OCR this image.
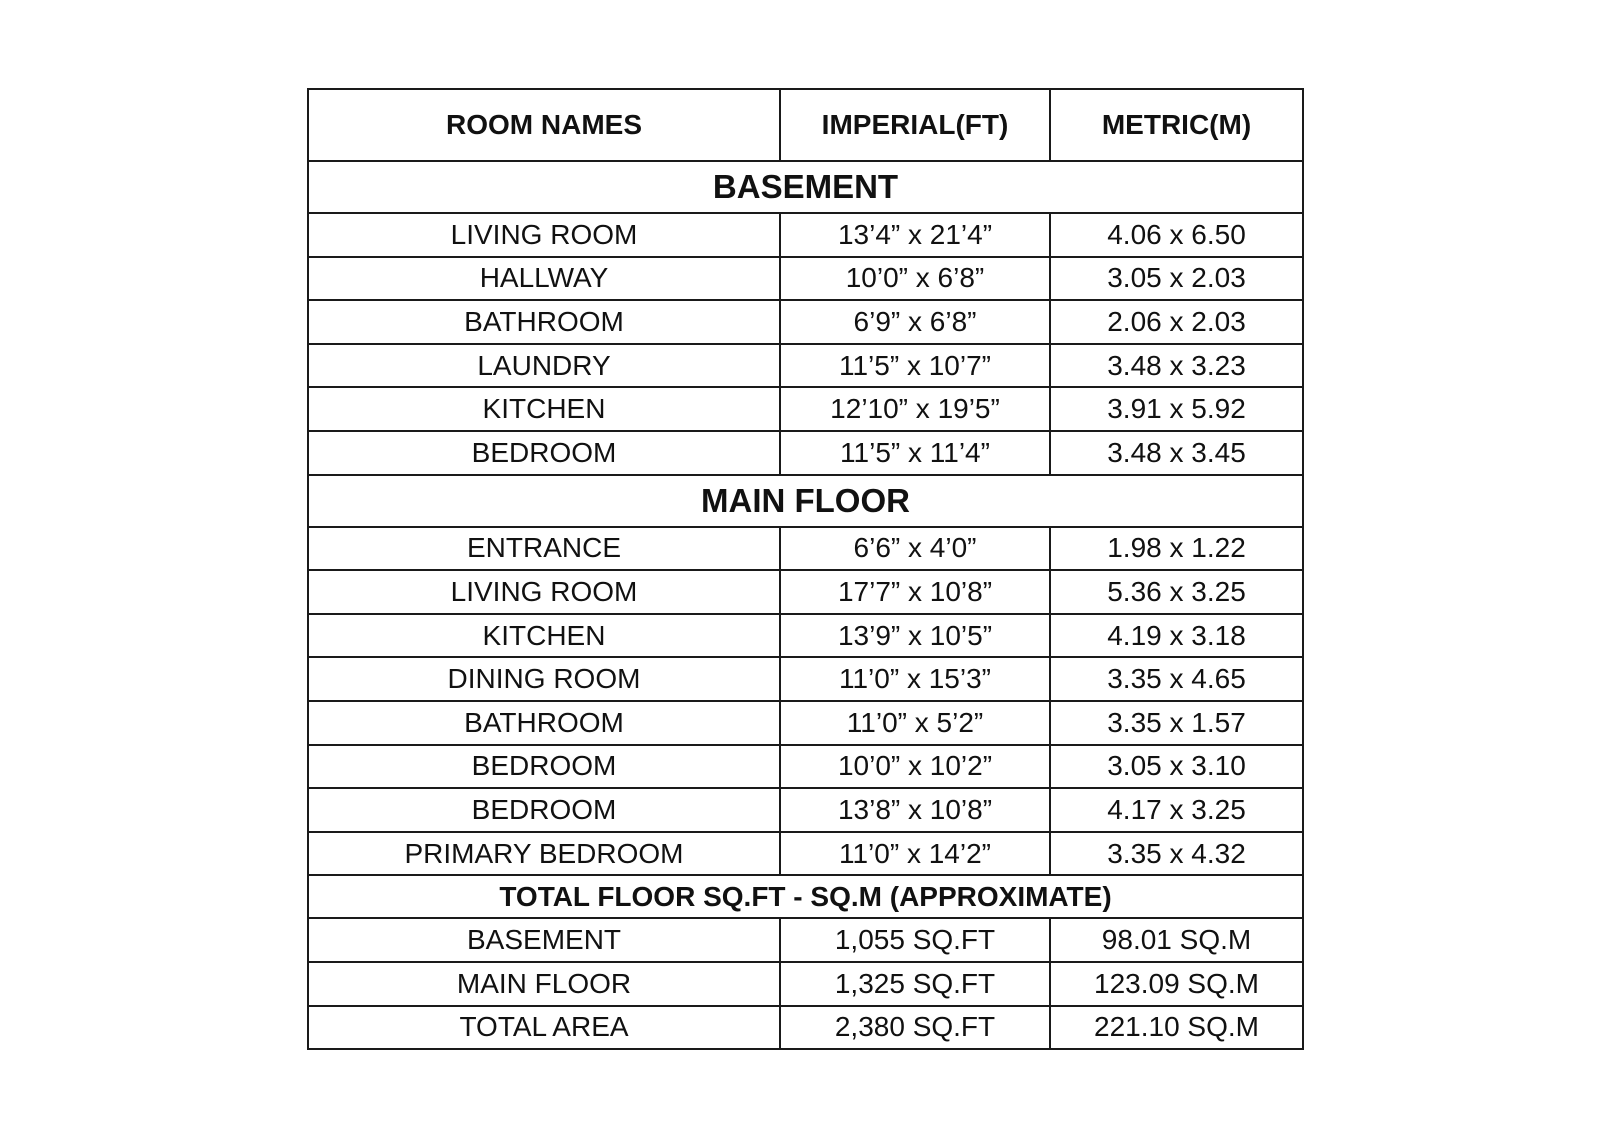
ROOM NAMES	IMPERIAL(FT)	METRIC(M)
BASEMENT		
LIVING ROOM	13’4” x 21’4”	4.06 x 6.50
HALLWAY	10’0” x 6’8”	3.05 x 2.03
BATHROOM	6’9” x 6’8”	2.06 x 2.03
LAUNDRY	11’5” x 10’7”	3.48 x 3.23
KITCHEN	12’10” x 19’5”	3.91 x 5.92
BEDROOM	11’5” x 11’4”	3.48 x 3.45
MAIN FLOOR		
ENTRANCE	6’6” x 4’0”	1.98 x 1.22
LIVING ROOM	17’7” x 10’8”	5.36 x 3.25
KITCHEN	13’9” x 10’5”	4.19 x 3.18
DINING ROOM	11’0” x 15’3”	3.35 x 4.65
BATHROOM	11’0” x 5’2”	3.35 x 1.57
BEDROOM	10’0” x 10’2”	3.05 x 3.10
BEDROOM	13’8” x 10’8”	4.17 x 3.25
PRIMARY BEDROOM	11’0” x 14’2”	3.35 x 4.32
TOTAL FLOOR SQ.FT - SQ.M (APPROXIMATE)		
BASEMENT	1,055 SQ.FT	98.01 SQ.M
MAIN FLOOR	1,325 SQ.FT	123.09 SQ.M
TOTAL AREA	2,380 SQ.FT	221.10 SQ.M
